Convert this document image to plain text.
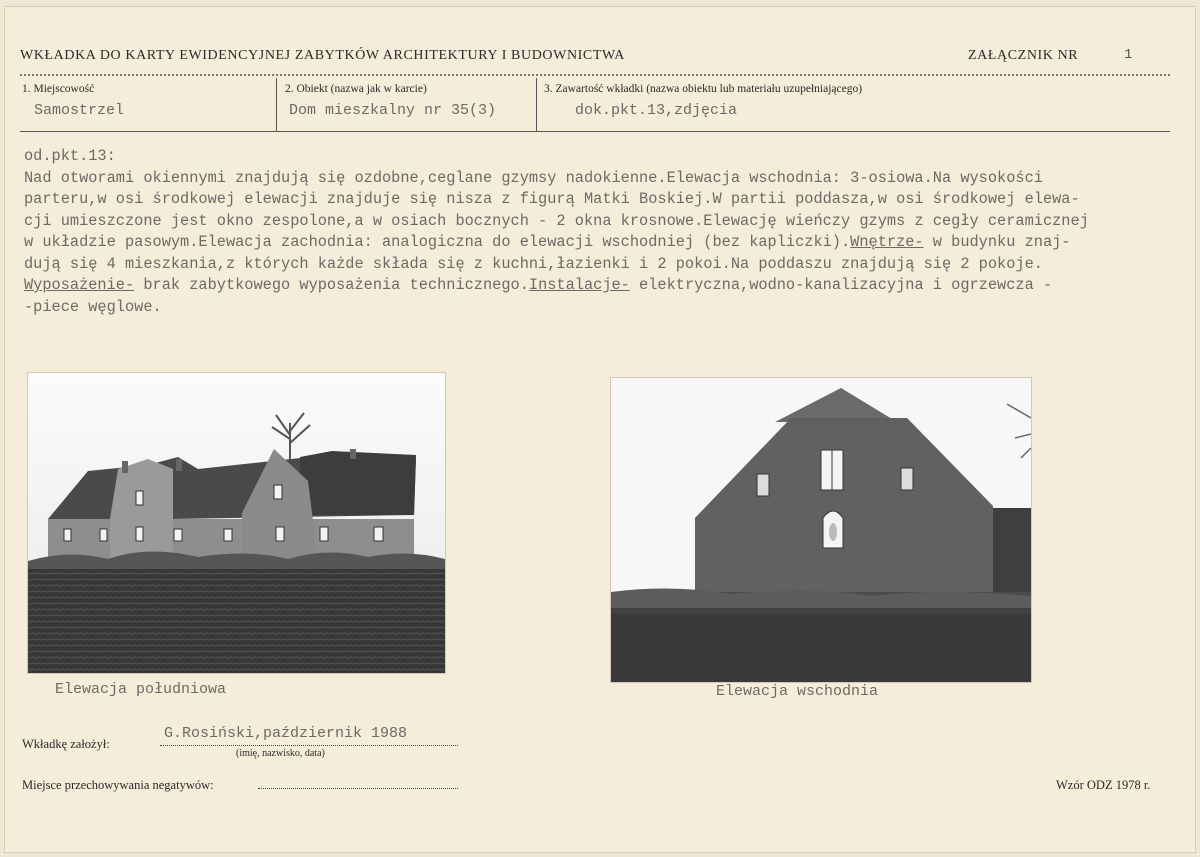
WKŁADKA DO KARTY EWIDENCYJNEJ ZABYTKÓW ARCHITEKTURY I BUDOWNICTWA	ZAŁĄCZNIK NR	1
1. Miejscowość
Samostrzel
2. Obiekt (nazwa jak w karcie)
Dom mieszkalny nr 35(3)
3. Zawartość wkładki (nazwa obiektu lub materiału uzupełniającego)
dok.pkt.13,zdjęcia
od.pkt.13:
Nad otworami okiennymi znajdują się ozdobne,ceglane gzymsy nadokienne.Elewacja wschodnia: 3-osiowa.Na wysokości
parteru,w osi środkowej elewacji znajduje się nisza z figurą Matki Boskiej.W partii poddasza,w osi środkowej elewa-
cji umieszczone jest okno zespolone,a w osiach bocznych - 2 okna krosnowe.Elewację wieńczy gzyms z cegły ceramicznej
w układzie pasowym.Elewacja zachodnia: analogiczna do elewacji wschodniej (bez kapliczki).Wnętrze- w budynku znaj-
dują się 4 mieszkania,z których każde składa się z kuchni,łazienki i 2 pokoi.Na poddaszu znajdują się 2 pokoje.
Wyposażenie- brak zabytkowego wyposażenia technicznego.Instalacje- elektryczna,wodno-kanalizacyjna i ogrzewcza -
-piece węglowe.
Elewacja południowa	Elewacja wschodnia
Wkładkę założył:
G.Rosiński,październik 1988
(imię, nazwisko, data)
Miejsce przechowywania negatywów:	Wzór ODZ 1978 r.
